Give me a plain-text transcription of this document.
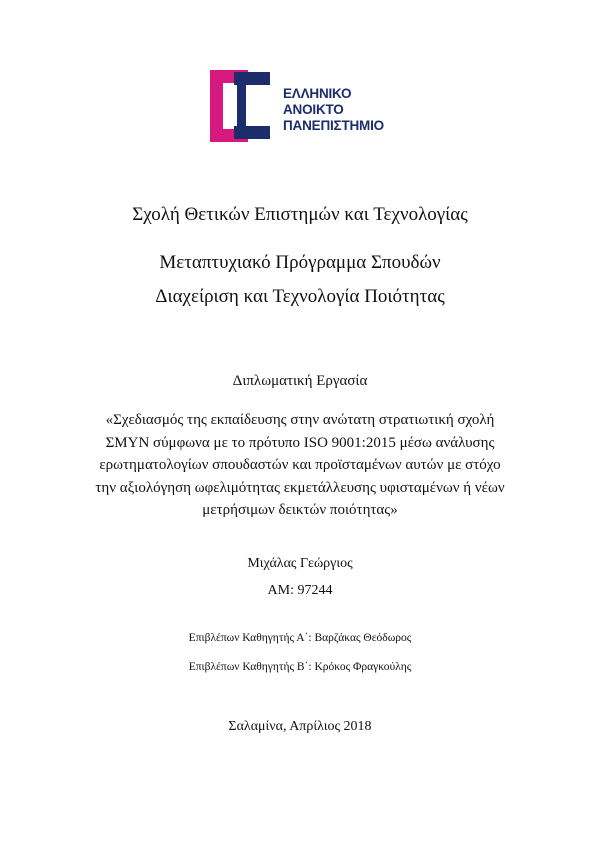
ΕΛΛΗΝΙΚΟ
ΑΝΟΙΚΤΟ
ΠΑΝΕΠΙΣΤΗΜΙΟ
Σχολή Θετικών Επιστημών και Τεχνολογίας
Μεταπτυχιακό Πρόγραμμα Σπουδών
Διαχείριση και Τεχνολογία Ποιότητας
Διπλωματική Εργασία
«Σχεδιασμός της εκπαίδευσης στην ανώτατη στρατιωτική σχολή
ΣΜΥΝ σύμφωνα με το πρότυπο ISO 9001:2015 μέσω ανάλυσης
ερωτηματολογίων σπουδαστών και προϊσταμένων αυτών με στόχο
την αξιολόγηση ωφελιμότητας εκμετάλλευσης υφισταμένων ή νέων
μετρήσιμων δεικτών ποιότητας»
Μιχάλας Γεώργιος
ΑΜ: 97244
Επιβλέπων Καθηγητής Α΄: Βαρζάκας Θεόδωρος
Επιβλέπων Καθηγητής Β΄: Κρόκος Φραγκούλης
Σαλαμίνα, Απρίλιος 2018
